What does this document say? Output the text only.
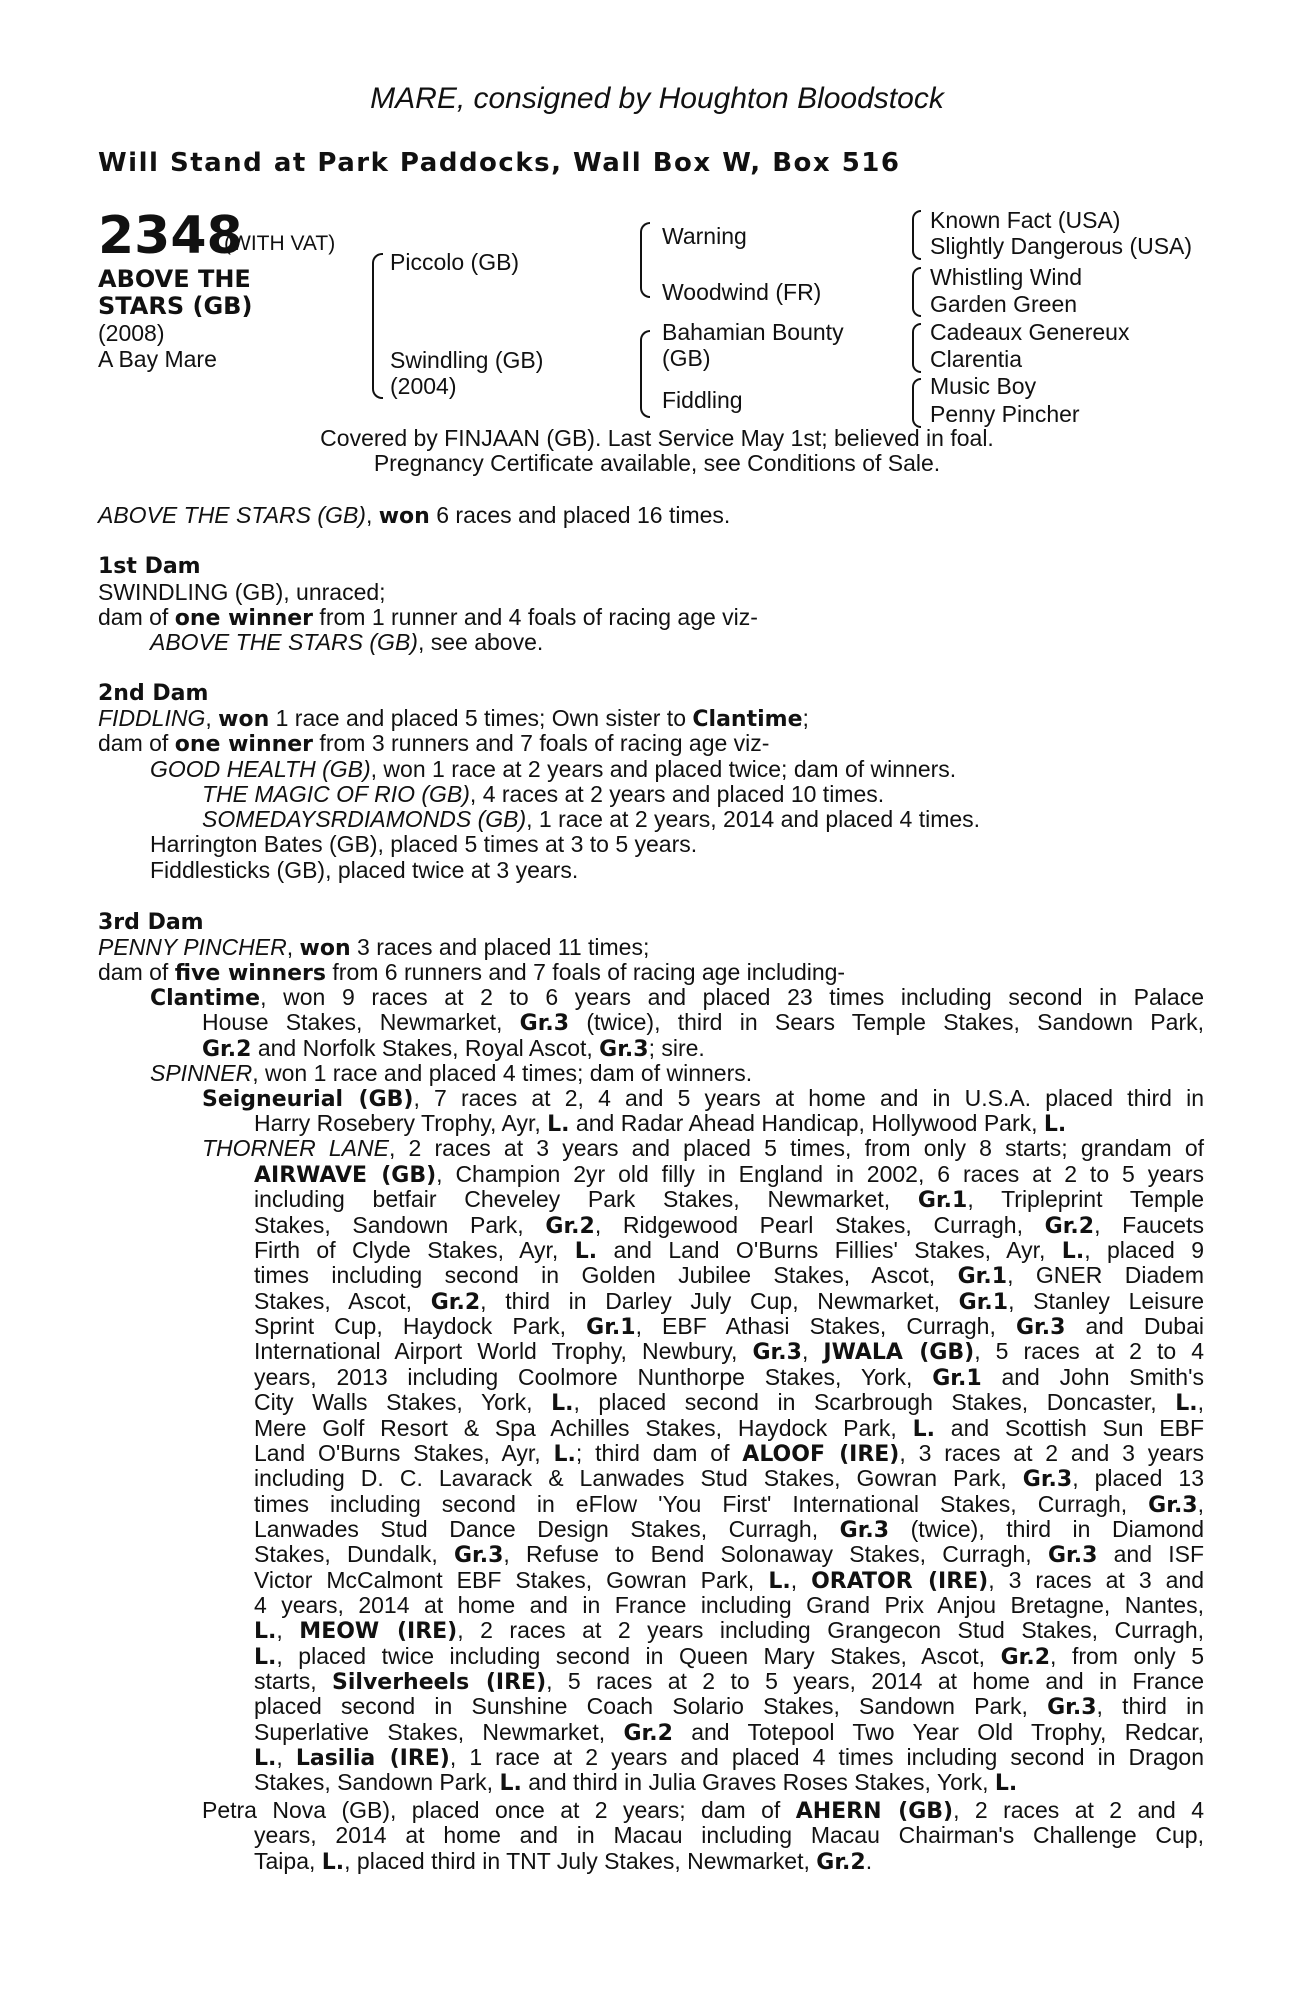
MARE, consigned by Houghton Bloodstock
Will Stand at Park Paddocks, Wall Box W, Box 516
2348
(WITH VAT)
ABOVE THE
STARS (GB)
(2008)
A Bay Mare
Piccolo (GB)
Swindling (GB)
(2004)
Warning
Woodwind (FR)
Bahamian Bounty
(GB)
Fiddling
Known Fact (USA)
Slightly Dangerous (USA)
Whistling Wind
Garden Green
Cadeaux Genereux
Clarentia
Music Boy
Penny Pincher
Covered by FINJAAN (GB). Last Service May 1st; believed in foal.
Pregnancy Certificate available, see Conditions of Sale.
ABOVE THE STARS (GB), won 6 races and placed 16 times.
1st Dam
SWINDLING (GB), unraced;
dam of one winner from 1 runner and 4 foals of racing age viz-
ABOVE THE STARS (GB), see above.
2nd Dam
FIDDLING, won 1 race and placed 5 times; Own sister to Clantime;
dam of one winner from 3 runners and 7 foals of racing age viz-
GOOD HEALTH (GB), won 1 race at 2 years and placed twice; dam of winners.
THE MAGIC OF RIO (GB), 4 races at 2 years and placed 10 times.
SOMEDAYSRDIAMONDS (GB), 1 race at 2 years, 2014 and placed 4 times.
Harrington Bates (GB), placed 5 times at 3 to 5 years.
Fiddlesticks (GB), placed twice at 3 years.
3rd Dam
PENNY PINCHER, won 3 races and placed 11 times;
dam of five winners from 6 runners and 7 foals of racing age including-
Clantime, won 9 races at 2 to 6 years and placed 23 times including second in Palace
House Stakes, Newmarket, Gr.3 (twice), third in Sears Temple Stakes, Sandown Park,
Gr.2 and Norfolk Stakes, Royal Ascot, Gr.3; sire.
SPINNER, won 1 race and placed 4 times; dam of winners.
Seigneurial (GB), 7 races at 2, 4 and 5 years at home and in U.S.A. placed third in
Harry Rosebery Trophy, Ayr, L. and Radar Ahead Handicap, Hollywood Park, L.
THORNER LANE, 2 races at 3 years and placed 5 times, from only 8 starts; grandam of
AIRWAVE (GB), Champion 2yr old filly in England in 2002, 6 races at 2 to 5 years
including betfair Cheveley Park Stakes, Newmarket, Gr.1, Tripleprint Temple
Stakes, Sandown Park, Gr.2, Ridgewood Pearl Stakes, Curragh, Gr.2, Faucets
Firth of Clyde Stakes, Ayr, L. and Land O'Burns Fillies' Stakes, Ayr, L., placed 9
times including second in Golden Jubilee Stakes, Ascot, Gr.1, GNER Diadem
Stakes, Ascot, Gr.2, third in Darley July Cup, Newmarket, Gr.1, Stanley Leisure
Sprint Cup, Haydock Park, Gr.1, EBF Athasi Stakes, Curragh, Gr.3 and Dubai
International Airport World Trophy, Newbury, Gr.3, JWALA (GB), 5 races at 2 to 4
years, 2013 including Coolmore Nunthorpe Stakes, York, Gr.1 and John Smith's
City Walls Stakes, York, L., placed second in Scarbrough Stakes, Doncaster, L.,
Mere Golf Resort & Spa Achilles Stakes, Haydock Park, L. and Scottish Sun EBF
Land O'Burns Stakes, Ayr, L.; third dam of ALOOF (IRE), 3 races at 2 and 3 years
including D. C. Lavarack & Lanwades Stud Stakes, Gowran Park, Gr.3, placed 13
times including second in eFlow 'You First' International Stakes, Curragh, Gr.3,
Lanwades Stud Dance Design Stakes, Curragh, Gr.3 (twice), third in Diamond
Stakes, Dundalk, Gr.3, Refuse to Bend Solonaway Stakes, Curragh, Gr.3 and ISF
Victor McCalmont EBF Stakes, Gowran Park, L., ORATOR (IRE), 3 races at 3 and
4 years, 2014 at home and in France including Grand Prix Anjou Bretagne, Nantes,
L., MEOW (IRE), 2 races at 2 years including Grangecon Stud Stakes, Curragh,
L., placed twice including second in Queen Mary Stakes, Ascot, Gr.2, from only 5
starts, Silverheels (IRE), 5 races at 2 to 5 years, 2014 at home and in France
placed second in Sunshine Coach Solario Stakes, Sandown Park, Gr.3, third in
Superlative Stakes, Newmarket, Gr.2 and Totepool Two Year Old Trophy, Redcar,
L., Lasilia (IRE), 1 race at 2 years and placed 4 times including second in Dragon
Stakes, Sandown Park, L. and third in Julia Graves Roses Stakes, York, L.
Petra Nova (GB), placed once at 2 years; dam of AHERN (GB), 2 races at 2 and 4
years, 2014 at home and in Macau including Macau Chairman's Challenge Cup,
Taipa, L., placed third in TNT July Stakes, Newmarket, Gr.2.
